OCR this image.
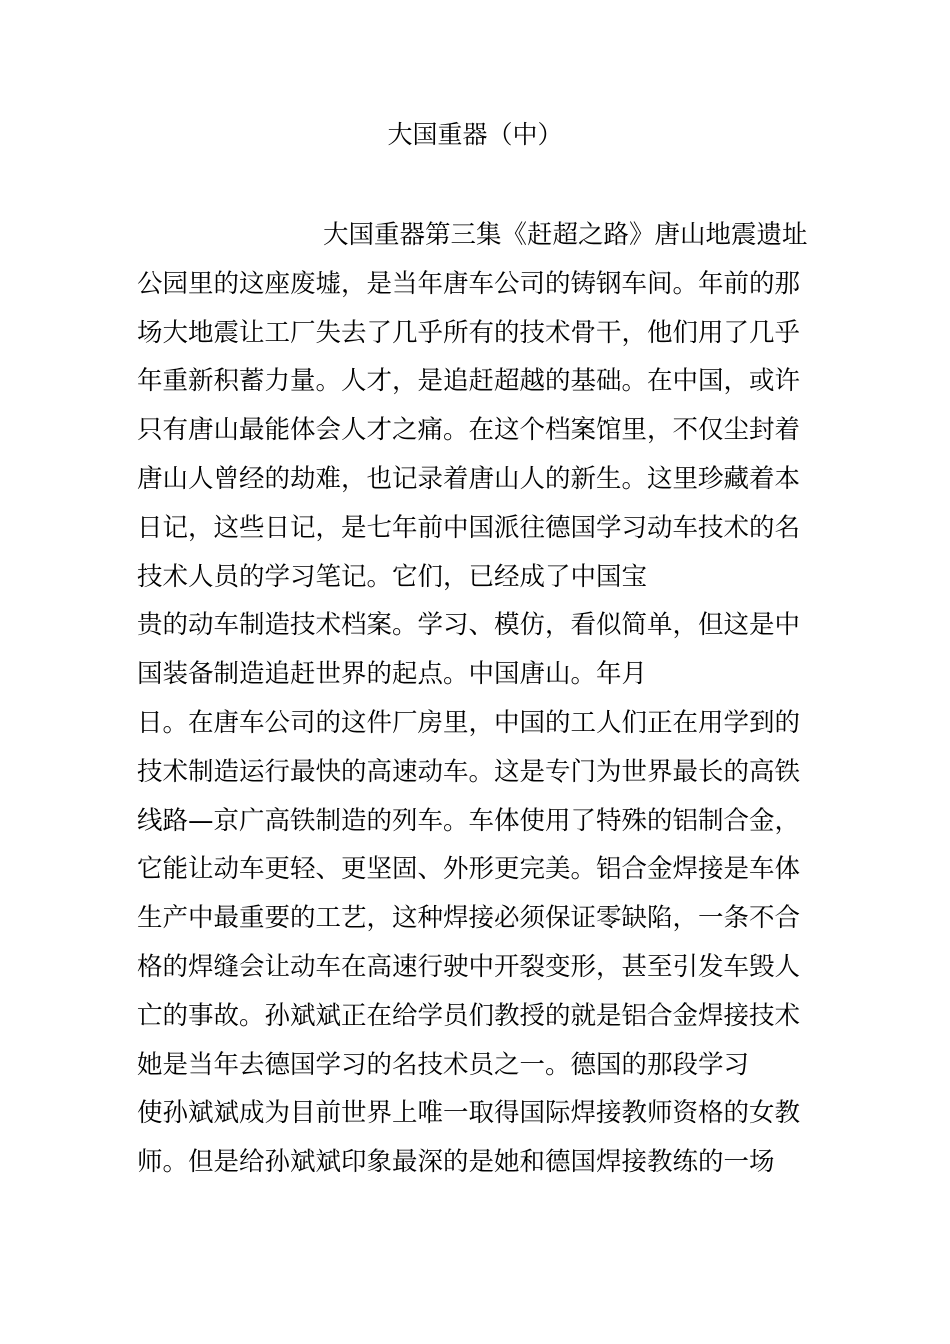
大国重器（中）
大国重器第三集《赶超之路》唐山地震遗址
公园里的这座废墟，是当年唐车公司的铸钢车间。年前的那
场大地震让工厂失去了几乎所有的技术骨干，他们用了几乎
年重新积蓄力量。人才，是追赶超越的基础。在中国，或许
只有唐山最能体会人才之痛。在这个档案馆里，不仅尘封着
唐山人曾经的劫难，也记录着唐山人的新生。这里珍藏着本
日记，这些日记，是七年前中国派往德国学习动车技术的名
技术人员的学习笔记。它们，已经成了中国宝
贵的动车制造技术档案。学习、模仿，看似简单，但这是中
国装备制造追赶世界的起点。中国唐山。年月
日。在唐车公司的这件厂房里，中国的工人们正在用学到的
技术制造运行最快的高速动车。这是专门为世界最长的高铁
线路—京广高铁制造的列车。车体使用了特殊的铝制合金，
它能让动车更轻、更坚固、外形更完美。铝合金焊接是车体
生产中最重要的工艺，这种焊接必须保证零缺陷，一条不合
格的焊缝会让动车在高速行驶中开裂变形，甚至引发车毁人
亡的事故。孙斌斌正在给学员们教授的就是铝合金焊接技术
她是当年去德国学习的名技术员之一。德国的那段学习
使孙斌斌成为目前世界上唯一取得国际焊接教师资格的女教
师。但是给孙斌斌印象最深的是她和德国焊接教练的一场
